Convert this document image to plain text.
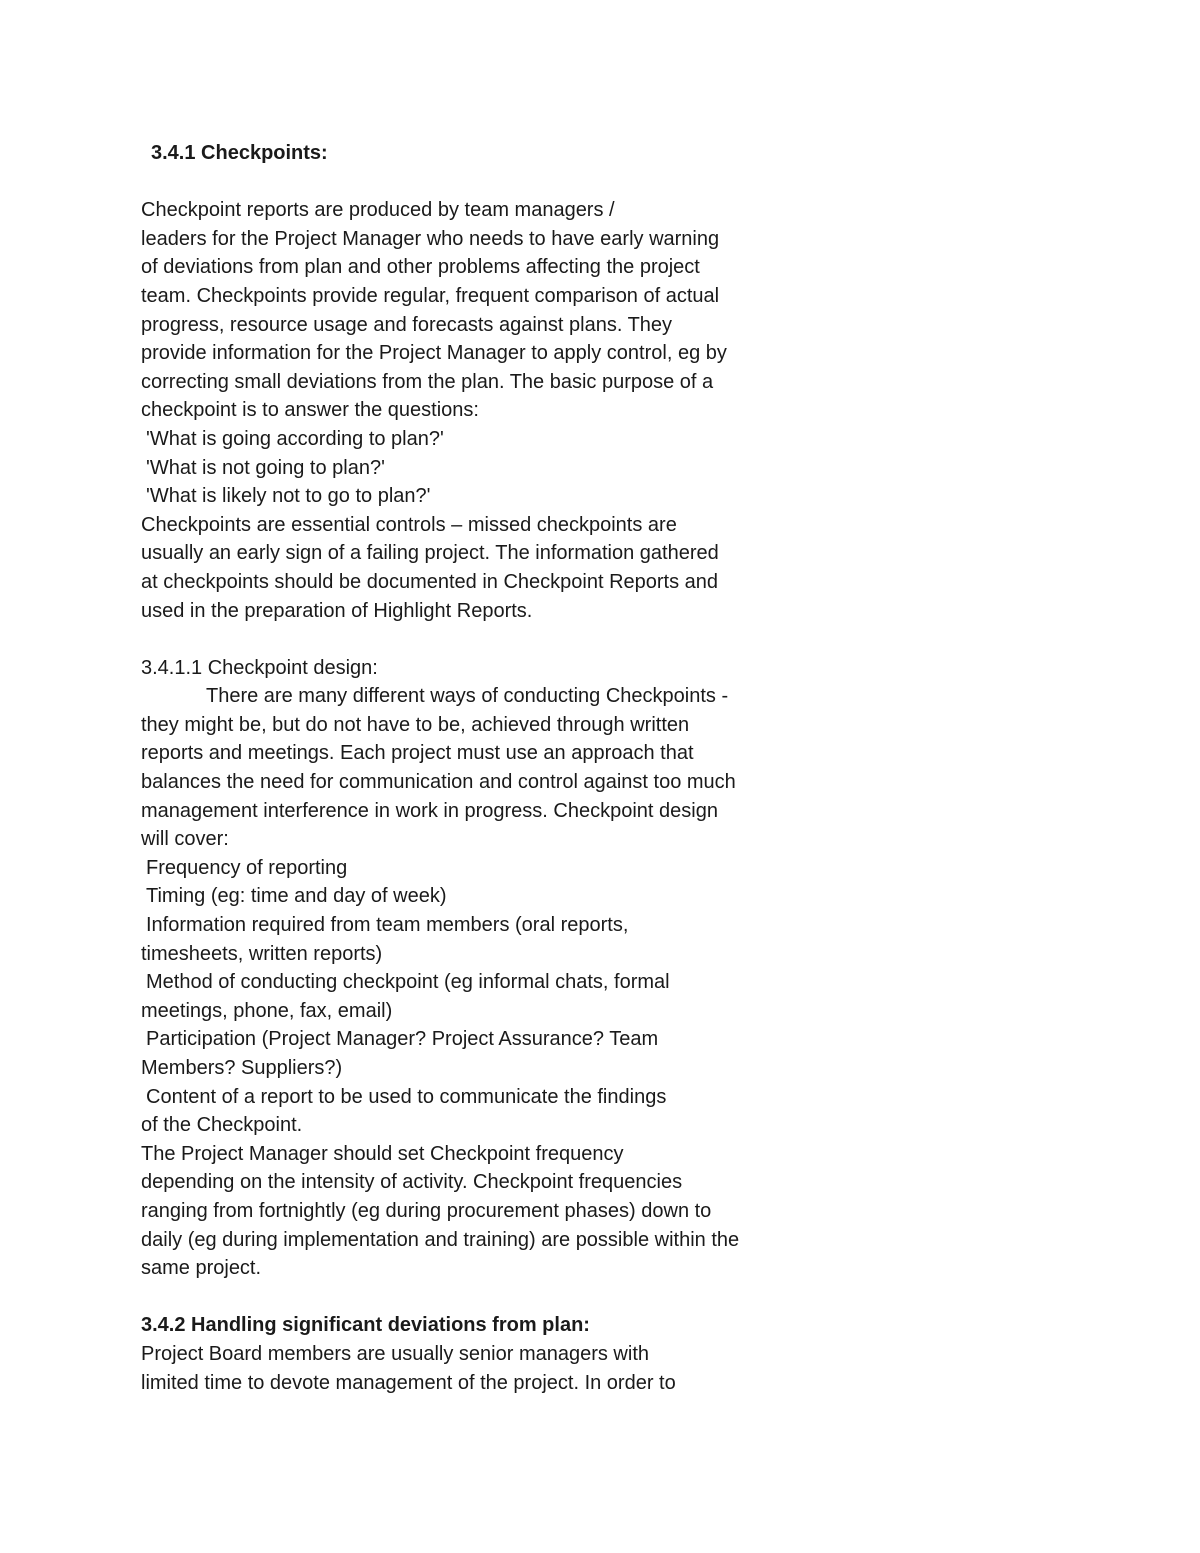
3.4.1 Checkpoints:
Checkpoint reports are produced by team managers /
leaders for the Project Manager who needs to have early warning
of deviations from plan and other problems affecting the project
team. Checkpoints provide regular, frequent comparison of actual
progress, resource usage and forecasts against plans. They
provide information for the Project Manager to apply control, eg by
correcting small deviations from the plan. The basic purpose of a
checkpoint is to answer the questions:
'What is going according to plan?'
'What is not going to plan?'
'What is likely not to go to plan?'
Checkpoints are essential controls – missed checkpoints are
usually an early sign of a failing project. The information gathered
at checkpoints should be documented in Checkpoint Reports and
used in the preparation of Highlight Reports.
3.4.1.1 Checkpoint design:
There are many different ways of conducting Checkpoints -
they might be, but do not have to be, achieved through written
reports and meetings. Each project must use an approach that
balances the need for communication and control against too much
management interference in work in progress. Checkpoint design
will cover:
Frequency of reporting
Timing (eg: time and day of week)
Information required from team members (oral reports,
timesheets, written reports)
Method of conducting checkpoint (eg informal chats, formal
meetings, phone, fax, email)
Participation (Project Manager? Project Assurance? Team
Members? Suppliers?)
Content of a report to be used to communicate the findings
of the Checkpoint.
The Project Manager should set Checkpoint frequency
depending on the intensity of activity. Checkpoint frequencies
ranging from fortnightly (eg during procurement phases) down to
daily (eg during implementation and training) are possible within the
same project.
3.4.2 Handling significant deviations from plan:
Project Board members are usually senior managers with
limited time to devote management of the project. In order to
